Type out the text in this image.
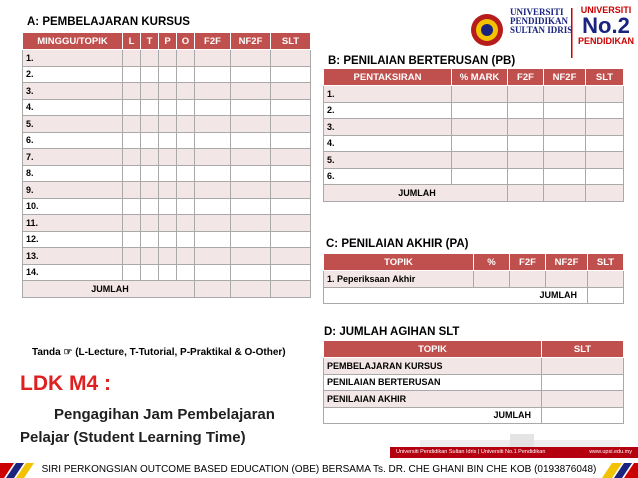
A: PEMBELAJARAN KURSUS
MINGGU/TOPIK	L	T	P	O	F2F	NF2F	SLT
1.							
2.							
3.							
4.							
5.							
6.							
7.							
8.							
9.							
10.							
11.							
12.							
13.							
14.							
JUMLAH							
UNIVERSITI
PENDIDIKAN
SULTAN IDRIS
UNIVERSITI
No.2
PENDIDIKAN
B: PENILAIAN BERTERUSAN (PB)
PENTAKSIRAN	% MARK	F2F	NF2F	SLT
1.				
2.				
3.				
4.				
5.				
6.				
JUMLAH				
C: PENILAIAN AKHIR (PA)
TOPIK	%	F2F	NF2F	SLT
1. Peperiksaan Akhir				
JUMLAH				
D: JUMLAH AGIHAN SLT
TOPIK	SLT
PEMBELAJARAN KURSUS	
PENILAIAN BERTERUSAN	
PENILAIAN AKHIR	
JUMLAH	
Tanda ☞ (L-Lecture, T-Tutorial, P-Praktikal & O-Other)
LDK M4 :
Pengagihan Jam Pembelajaran
Pelajar (Student Learning Time)
Universiti Pendidikan Sultan Idris | Universiti No.1 Pendidikan	www.upsi.edu.my
SIRI PERKONGSIAN OUTCOME BASED EDUCATION (OBE) BERSAMA Ts. DR. CHE GHANI BIN CHE KOB (0193876048)
